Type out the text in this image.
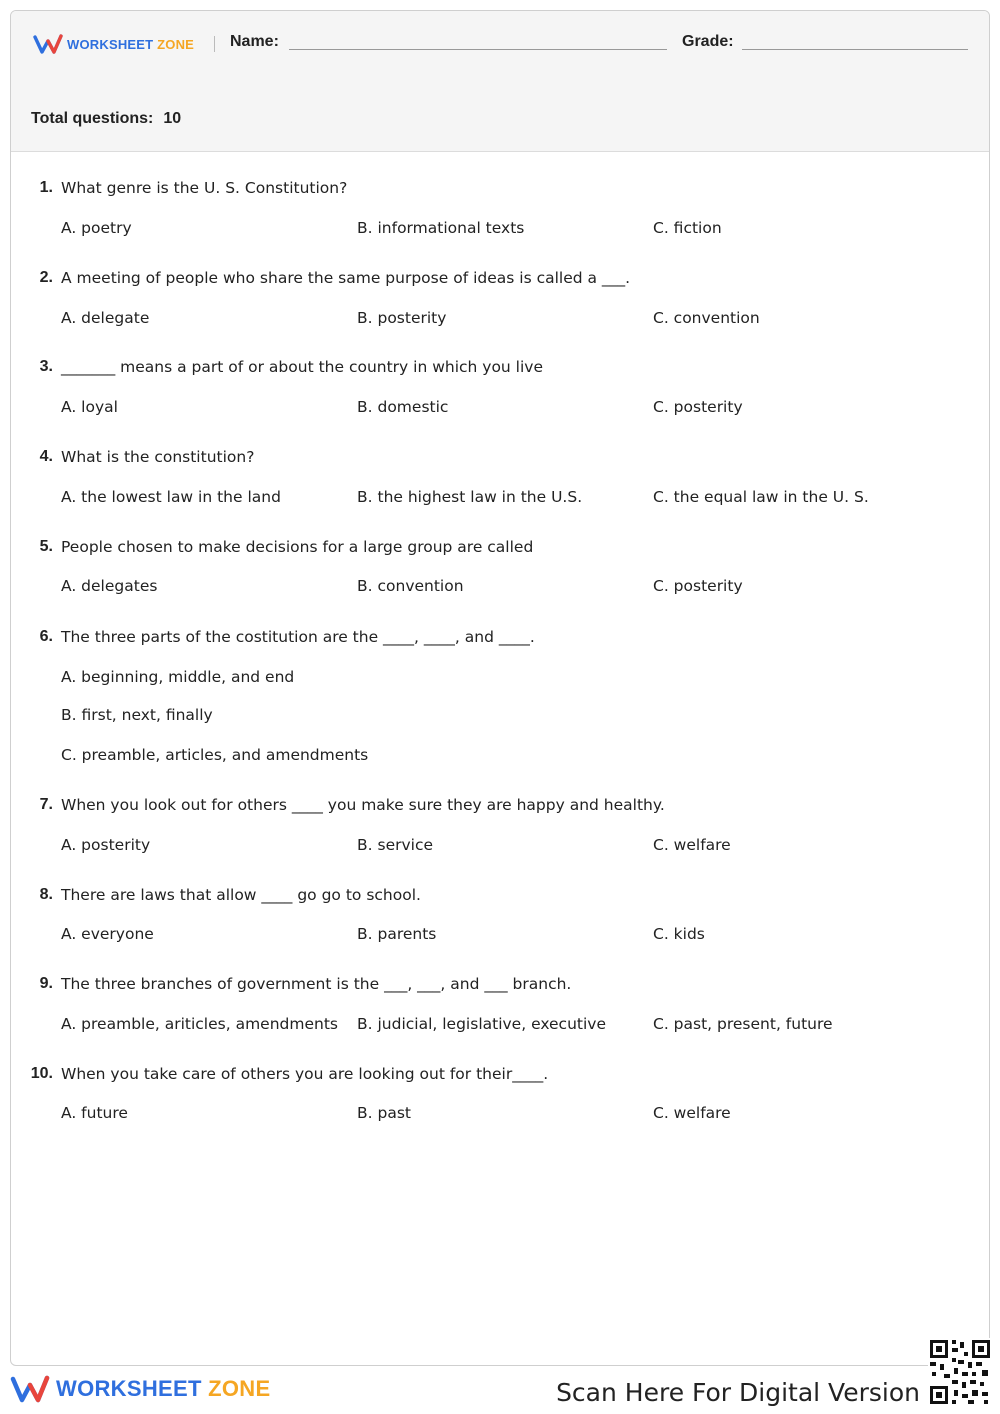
WORKSHEET ZONE Name:	Grade:
Total questions: 10
1. What genre is the U. S. Constitution?
A. poetry	B. informational texts	C. fiction
2. A meeting of people who share the same purpose of ideas is called a ___.
A. delegate	B. posterity	C. convention
3. _______ means a part of or about the country in which you live
A. loyal	B. domestic	C. posterity
4. What is the constitution?
A. the lowest law in the land	B. the highest law in the U.S.	C. the equal law in the U. S.
5. People chosen to make decisions for a large group are called
A. delegates	B. convention	C. posterity
6. The three parts of the costitution are the ____, ____, and ____.
A. beginning, middle, and end
B. first, next, finally
C. preamble, articles, and amendments
7. When you look out for others ____ you make sure they are happy and healthy.
A. posterity	B. service	C. welfare
8. There are laws that allow ____ go go to school.
A. everyone	B. parents	C. kids
9. The three branches of government is the ___, ___, and ___ branch.
A. preamble, ariticles, amendments B. judicial, legislative, executive	C. past, present, future
10. When you take care of others you are looking out for their____.
A. future	B. past	C. welfare
WORKSHEET ZONE	Scan Here For Digital Version
